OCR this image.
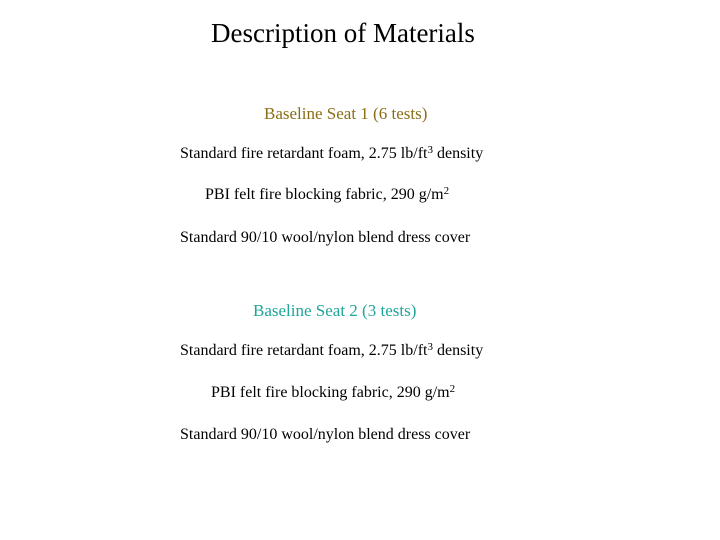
Description of Materials
Baseline Seat 1 (6 tests)
Standard fire retardant foam, 2.75 $lb/ft^3$ density
PBI felt fire blocking fabric, 290 $g/m^2$
Standard 90/10 wool/nylon blend dress cover
Baseline Seat 2 (3 tests)
Standard fire retardant foam, 2.75 $lb/ft^3$ density
PBI felt fire blocking fabric, 290 $g/m^2$
Standard 90/10 wool/nylon blend dress cover
